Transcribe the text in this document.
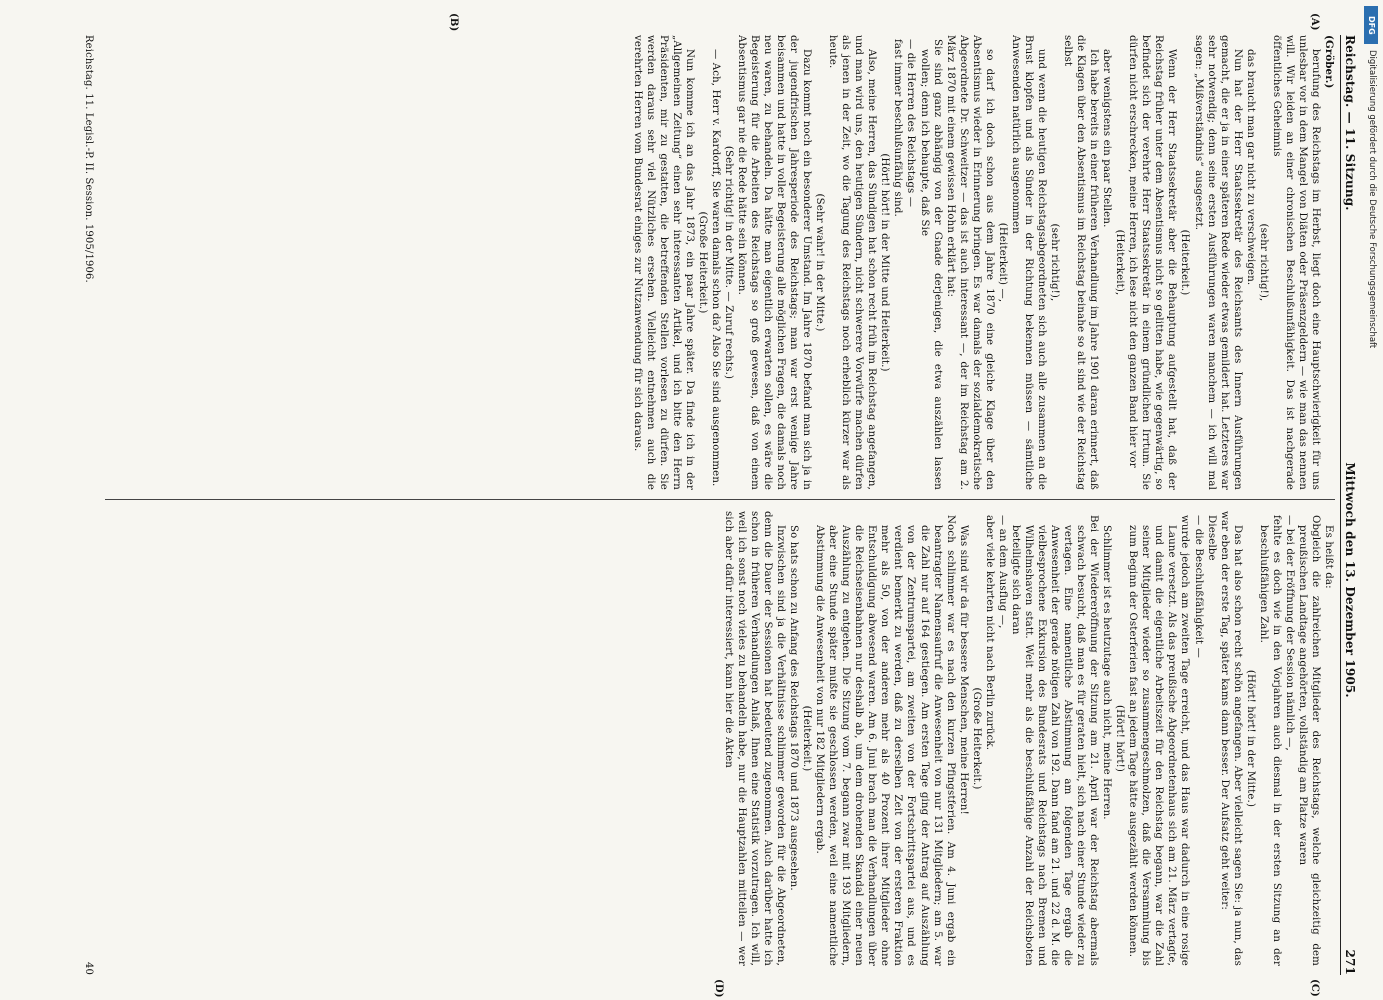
Reichstag. — 11. Sitzung.
Mittwoch den 13. Dezember 1905.
271
(A)
(B)
(C)
(D)

(Gröber.)

berufung des Reichstags im Herbst, liegt doch eine Hauptschwierigkeit für uns unlesbar vor in dem Mangel von Diäten oder Präsenzgeldern — wie man das nennen will. Wir leiden an einer chronischen Beschlußunfähigkeit. Das ist nachgerade öffentliches Geheimnis

(sehr richtig!),

das braucht man gar nicht zu verschweigen.

Nun hat der Herr Staatssekretär des Reichsamts des Innern Ausführungen gemacht, die er ja in einer späteren Rede wieder etwas gemildert hat. Letzteres war sehr notwendig; denn seine ersten Ausführungen waren manchem — ich will mal sagen: „Mißverständnis“ ausgesetzt.

(Heiterkeit.)

Wenn der Herr Staatssekretär aber die Behauptung aufgestellt hat, daß der Reichstag früher unter dem Absentismus nicht so gelitten habe, wie gegenwärtig, so befindet sich der verehrte Herr Staatssekretär in einem gründlichen Irrtum. Sie dürfen nicht erschrecken, meine Herren, ich lese nicht den ganzen Band hier vor

(Heiterkeit),

aber wenigstens ein paar Stellen.

Ich habe bereits in einer früheren Verhandlung im Jahre 1901 daran erinnert, daß die Klagen über den Absentismus im Reichstag beinahe so alt sind wie der Reichstag selbst

(sehr richtig!),

und wenn die heutigen Reichstagsabgeordneten sich auch alle zusammen an die Brust klopfen und als Sünder in der Richtung bekennen müssen — sämtliche Anwesenden natürlich ausgenommen

(Heiterkeit) —,

so darf ich doch schon aus dem Jahre 1870 eine gleiche Klage über den Absentismus wieder in Erinnerung bringen. Es war damals der sozialdemokratische Abgeordnete Dr. Schweitzer — das ist auch interessant —, der im Reichstag am 2. März 1870 mit einem gewissen Hohn erklärt hat:

Sie sind ganz abhängig von der Gnade derjenigen, die etwa auszählen lassen wollen; denn ich behaupte, daß Sie

— die Herren des Reichstags —

fast immer beschlußunfähig sind.

(Hört! hört! in der Mitte und Heiterkeit.)

Also, meine Herren, das Sündigen hat schon recht früh im Reichstag angefangen, und man wird uns, den heutigen Sündern, nicht schwerere Vorwürfe machen dürfen als jenen in der Zeit, wo die Tagung des Reichstags noch erheblich kürzer war als heute.

(Sehr wahr! in der Mitte.)

Dazu kommt noch ein besonderer Umstand. Im Jahre 1870 befand man sich ja in der jugendfrischen Jahresperiode des Reichstags; man war erst wenige Jahre beisammen und hatte in voller Begeisterung alle möglichen Fragen, die damals noch neu waren, zu behandeln. Da hätte man eigentlich erwarten sollen, es wäre die Begeisterung für die Arbeiten des Reichstags so groß gewesen, daß von einem Absentismus gar nie die Rede hätte sein können.

(Sehr richtig! in der Mitte. — Zuruf rechts.)

— Ach, Herr v. Kardorff, Sie waren damals schon da? Also Sie sind ausgenommen.

(Große Heiterkeit.)

Nun komme ich an das Jahr 1873, ein paar Jahre später. Da finde ich in der „Allgemeinen Zeitung“ einen sehr interessanten Artikel, und ich bitte den Herrn Präsidenten, mir zu gestatten, die betreffenden Stellen vorlesen zu dürfen. Sie werden daraus sehr viel Nützliches ersehen. Vielleicht entnehmen auch die verehrten Herren vom Bundesrat einiges zur Nutzanwendung für sich daraus.

Es heißt da:

Obgleich die zahlreichen Mitglieder des Reichstags, welche gleichzeitig dem preußischen Landtage angehörten, vollständig am Platze waren

— bei der Eröffnung der Session nämlich —,

fehlte es doch wie in den Vorjahren auch diesmal in der ersten Sitzung an der beschlußfähigen Zahl.

(Hört! hört! in der Mitte.)

Das hat also schon recht schön angefangen. Aber vielleicht sagen Sie: ja nun, das war eben der erste Tag, später kams dann besser. Der Aufsatz geht weiter:

Dieselbe

— die Beschlußfähigkeit —

wurde jedoch am zweiten Tage erreicht, und das Haus war dadurch in eine rosige Laune versetzt. Als das preußische Abgeordnetenhaus sich am 21. März vertagte, und damit die eigentliche Arbeitszeit für den Reichstag begann, war die Zahl seiner Mitglieder wieder so zusammengeschmolzen, daß die Versammlung bis zum Beginn der Osterferien fast an jedem Tage hätte ausgezählt werden können.

(Hört! hört!)

Schlimmer ist es heutzutage auch nicht, meine Herren.

Bei der Wiedereröffnung der Sitzung am 21. April war der Reichstag abermals schwach besucht, daß man es für geraten hielt, sich nach einer Stunde wieder zu vertagen. Eine namentliche Abstimmung am folgenden Tage ergab die Anwesenheit der gerade nötigen Zahl von 192. Dann fand am 21. und 22 d. M. die vielbesprochene Exkursion des Bundesrats und Reichstags nach Bremen und Wilhelmshaven statt. Weit mehr als die beschlußfähige Anzahl der Reichsboten beteiligte sich daran

— an dem Ausflug —,

aber viele kehrten nicht nach Berlin zurück.

(Große Heiterkeit.)

Was sind wir da für bessere Menschen, meine Herren!

Noch schlimmer war es nach den kurzen Pfingstferien. Am 4. Juni ergab ein beantragter Namensaufruf die Anwesenheit von nur 131 Mitgliedern; am 5. war die Zahl nur auf 164 gestiegen. Am ersten Tage ging der Antrag auf Auszählung von der Zentrumspartei, am zweiten von der Fortschrittspartei aus, und es verdient bemerkt zu werden, daß zu derselben Zeit von der ersteren Fraktion mehr als 50, von der anderen mehr als 40 Prozent ihrer Mitglieder ohne Entschuldigung abwesend waren. Am 6. Juni brach man die Verhandlungen über die Reichseisenbahnen nur deshalb ab, um dem drohenden Skandal einer neuen Auszählung zu entgehen. Die Sitzung vom 7. begann zwar mit 193 Mitgliedern, aber eine Stunde später mußte sie geschlossen werden, weil eine namentliche Abstimmung die Anwesenheit von nur 182 Mitgliedern ergab.

(Heiterkeit.)

So hats schon zu Anfang des Reichstags 1870 und 1873 ausgesehen.

Inzwischen sind ja die Verhältnisse schlimmer geworden für die Abgeordneten, denn die Dauer der Sessionen hat bedeutend zugenommen. Auch darüber hatte ich schon in früheren Verhandlungen Anlaß, Ihnen eine Statistik vorzutragen. Ich will, weil ich sonst noch vieles zu behandeln habe, nur die Hauptzahlen mitteilen — wer sich aber dafür interessiert, kann hier die Akten

Reichstag. 11. Legisl.-P. II. Session. 1905/1906.
40
DFG
Digitalisierung gefördert durch die Deutsche Forschungsgemeinschaft
